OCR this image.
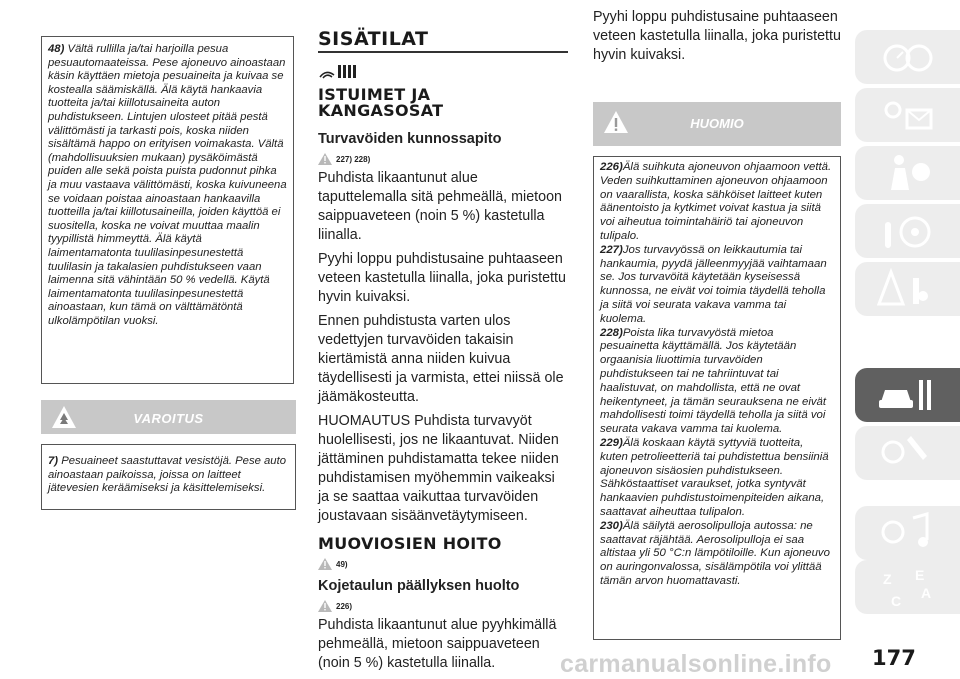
48) Vältä rullilla ja/tai harjoilla pesua pesuautomaateissa. Pese ajoneuvo ainoastaan käsin käyttäen mietoja pesuaineita ja kuivaa se kostealla säämiskällä. Älä käytä hankaavia tuotteita ja/tai kiillotusaineita auton puhdistukseen. Lintujen ulosteet pitää pestä välittömästi ja tarkasti pois, koska niiden sisältämä happo on erityisen voimakasta. Vältä (mahdollisuuksien mukaan) pysäköimästä puiden alle sekä poista puista pudonnut pihka ja muu vastaava välittömästi, koska kuivuneena se voidaan poistaa ainoastaan hankaavilla tuotteilla ja/tai kiillotusaineilla, joiden käyttöä ei suositella, koska ne voivat muuttaa maalin tyypillistä himmeyttä. Älä käytä laimentamatonta tuulilasinpesunestettä tuulilasin ja takalasien puhdistukseen vaan laimenna sitä vähintään 50 % vedellä. Käytä laimentamatonta tuulilasinpesunestettä ainoastaan, kun tämä on välttämätöntä ulkolämpötilan vuoksi.
VAROITUS
7) Pesuaineet saastuttavat vesistöjä. Pese auto ainoastaan paikoissa, joissa on laitteet jätevesien keräämiseksi ja käsittelemiseksi.
SISÄTILAT
ISTUIMET JA KANGASOSAT
Turvavöiden kunnossapito
227) 228)
Puhdista likaantunut alue taputtelemalla sitä pehmeällä, mietoon saippuaveteen (noin 5 %) kastetulla liinalla.
Pyyhi loppu puhdistusaine puhtaaseen veteen kastetulla liinalla, joka puristettu hyvin kuivaksi.
Ennen puhdistusta varten ulos vedettyjen turvavöiden takaisin kiertämistä anna niiden kuivua täydellisesti ja varmista, ettei niissä ole jäämäkosteutta.
HUOMAUTUS Puhdista turvavyöt huolellisesti, jos ne likaantuvat. Niiden jättäminen puhdistamatta tekee niiden puhdistamisen myöhemmin vaikeaksi ja se saattaa vaikuttaa turvavöiden joustavaan sisäänvetäytymiseen.
MUOVIOSIEN HOITO
49)
Kojetaulun päällyksen huolto
226)
Puhdista likaantunut alue pyyhkimällä pehmeällä, mietoon saippuaveteen (noin 5 %) kastetulla liinalla.
Pyyhi loppu puhdistusaine puhtaaseen veteen kastetulla liinalla, joka puristettu hyvin kuivaksi.
HUOMIO
226)Älä suihkuta ajoneuvon ohjaamoon vettä. Veden suihkuttaminen ajoneuvon ohjaamoon on vaarallista, koska sähköiset laitteet kuten äänentoisto ja kytkimet voivat kastua ja siitä voi aiheutua toimintahäiriö tai ajoneuvon tulipalo.
227)Jos turvavyössä on leikkautumia tai hankaumia, pyydä jälleenmyyjää vaihtamaan se. Jos turvavöitä käytetään kyseisessä kunnossa, ne eivät voi toimia täydellä teholla ja siitä voi seurata vakava vamma tai kuolema.
228)Poista lika turvavyöstä mietoa pesuainetta käyttämällä. Jos käytetään orgaanisia liuottimia turvavöiden puhdistukseen tai ne tahriintuvat tai haalistuvat, on mahdollista, että ne ovat heikentyneet, ja tämän seurauksena ne eivät mahdollisesti toimi täydellä teholla ja siitä voi seurata vakava vamma tai kuolema.
229)Älä koskaan käytä syttyviä tuotteita, kuten petrolieetteriä tai puhdistettua bensiiniä ajoneuvon sisäosien puhdistukseen. Sähköstaattiset varaukset, jotka syntyvät hankaavien puhdistustoimenpiteiden aikana, saattavat aiheuttaa tulipalon.
230)Älä säilytä aerosolipulloja autossa: ne saattavat räjähtää. Aerosolipulloja ei saa altistaa yli 50 °C:n lämpötiloille. Kun ajoneuvo on auringonvalossa, sisälämpötila voi ylittää tämän arvon huomattavasti.	Z E
A
C
carmanualsonline.info 177
